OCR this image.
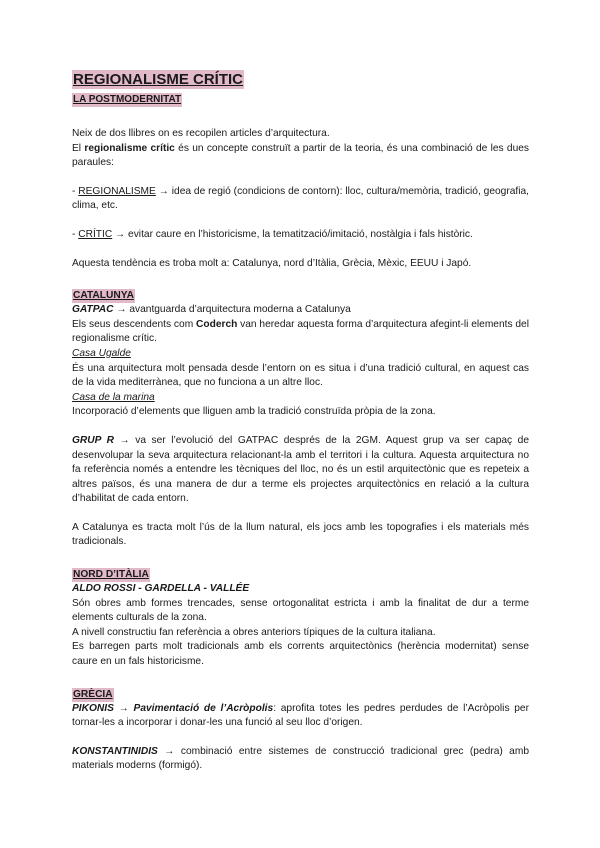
REGIONALISME CRÍTIC
LA POSTMODERNITAT

Neix de dos llibres on es recopilen articles d’arquitectura.

El regionalisme crític és un concepte construït a partir de la teoria, és una combinació de les dues paraules:

- REGIONALISME → idea de regió (condicions de contorn): lloc, cultura/memòria, tradició, geografia, clima, etc.

- CRÍTIC → evitar caure en l’historicisme, la tematització/imitació, nostàlgia i fals històric.

Aquesta tendència es troba molt a: Catalunya, nord d’Itàlia, Grècia, Mèxic, EEUU i Japó.

CATALUNYA

GATPAC → avantguarda d’arquitectura moderna a Catalunya

Els seus descendents com Coderch van heredar aquesta forma d’arquitectura afegint-li elements del regionalisme crític.

Casa Ugalde

És una arquitectura molt pensada desde l’entorn on es situa i d’una tradició cultural, en aquest cas de la vida mediterrànea, que no funciona a un altre lloc.

Casa de la marina

Incorporació d’elements que lliguen amb la tradició construïda pròpia de la zona.

GRUP R → va ser l’evolució del GATPAC després de la 2GM. Aquest grup va ser capaç de desenvolupar la seva arquitectura relacionant-la amb el territori i la cultura. Aquesta arquitectura no fa referència només a entendre les tècniques del lloc, no és un estil arquitectònic que es repeteix a altres països, és una manera de dur a terme els projectes arquitectònics en relació a la cultura d’habilitat de cada entorn.

A Catalunya es tracta molt l’ús de la llum natural, els jocs amb les topografies i els materials més tradicionals.

NORD D’ITÀLIA

ALDO ROSSI - GARDELLA - VALLÉE

Són obres amb formes trencades, sense ortogonalitat estricta i amb la finalitat de dur a terme elements culturals de la zona.

A nivell constructiu fan referència a obres anteriors típiques de la cultura italiana.

Es barregen parts molt tradicionals amb els corrents arquitectònics (herència modernitat) sense caure en un fals historicisme.

GRÈCIA

PIKONIS → Pavimentació de l’Acròpolis: aprofita totes les pedres perdudes de l’Acròpolis per tornar-les a incorporar i donar-les una funció al seu lloc d’origen.

KONSTANTINIDIS → combinació entre sistemes de construcció tradicional grec (pedra) amb materials moderns (formigó).
